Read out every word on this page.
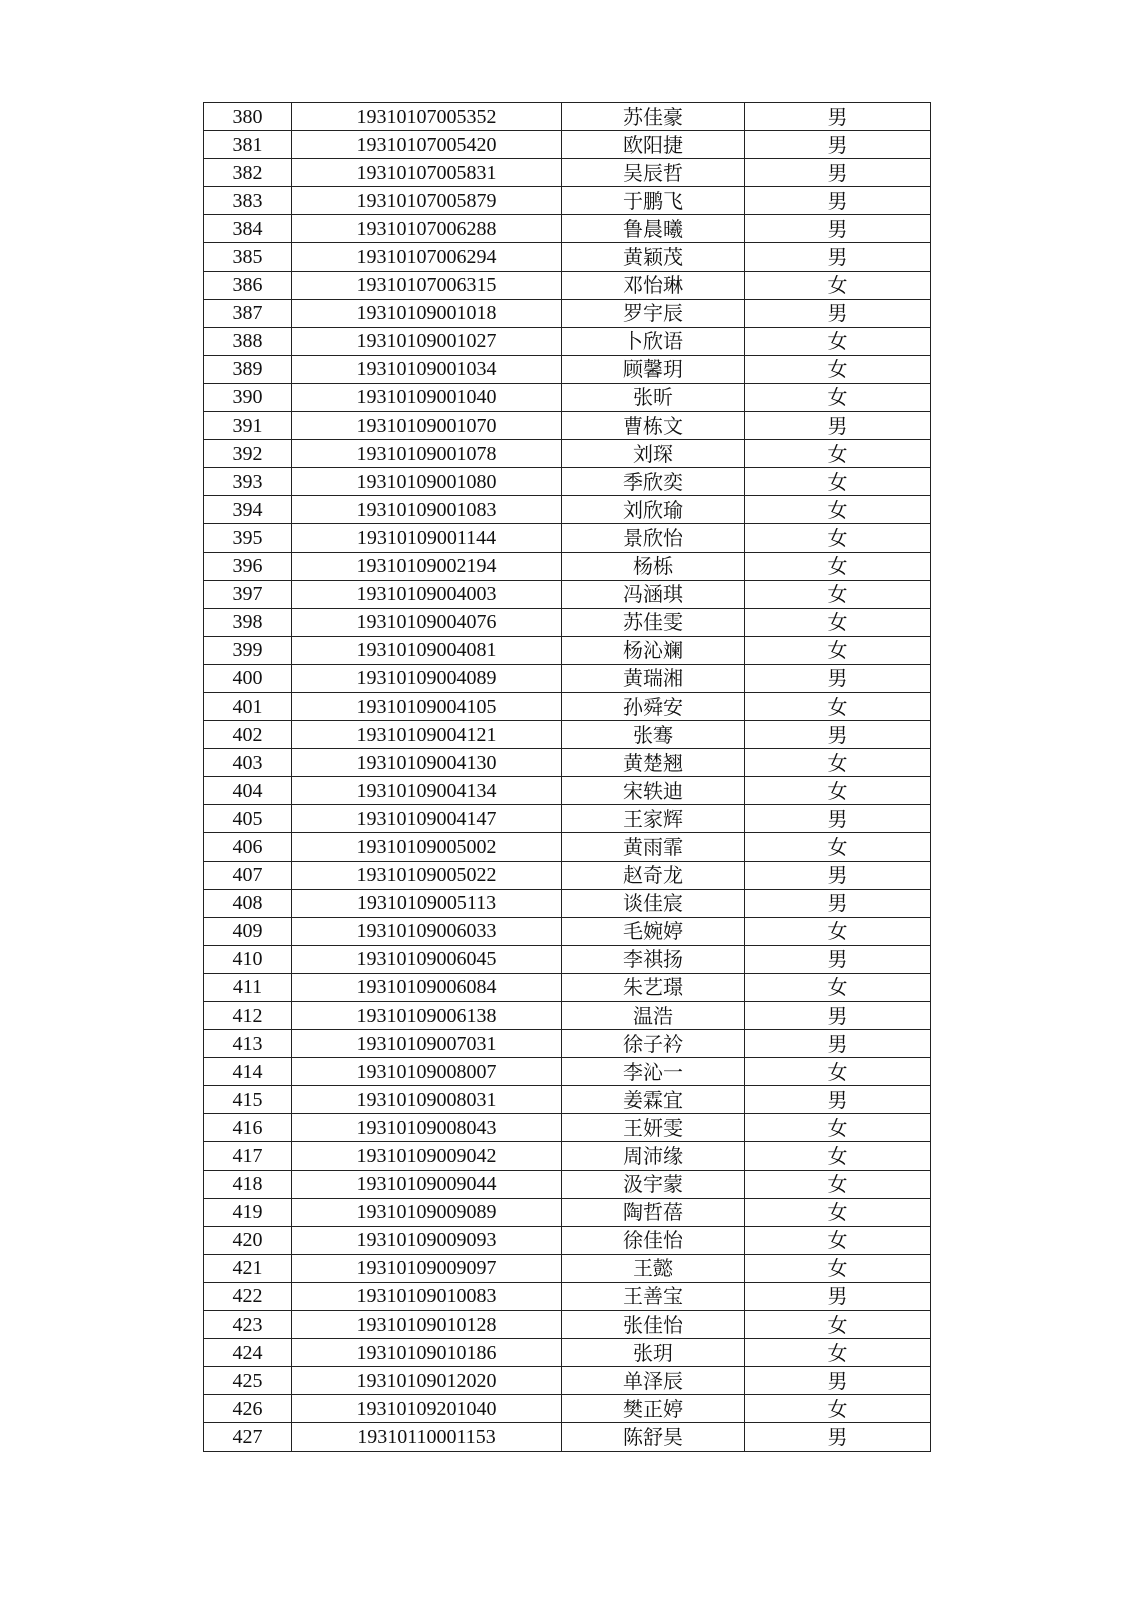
380	19310107005352	苏佳豪	男
381	19310107005420	欧阳捷	男
382	19310107005831	吴辰哲	男
383	19310107005879	于鹏飞	男
384	19310107006288	鲁晨曦	男
385	19310107006294	黄颖茂	男
386	19310107006315	邓怡琳	女
387	19310109001018	罗宇辰	男
388	19310109001027	卜欣语	女
389	19310109001034	顾馨玥	女
390	19310109001040	张昕	女
391	19310109001070	曹栋文	男
392	19310109001078	刘琛	女
393	19310109001080	季欣奕	女
394	19310109001083	刘欣瑜	女
395	19310109001144	景欣怡	女
396	19310109002194	杨栎	女
397	19310109004003	冯涵琪	女
398	19310109004076	苏佳雯	女
399	19310109004081	杨沁斓	女
400	19310109004089	黄瑞湘	男
401	19310109004105	孙舜安	女
402	19310109004121	张骞	男
403	19310109004130	黄楚翘	女
404	19310109004134	宋轶迪	女
405	19310109004147	王家辉	男
406	19310109005002	黄雨霏	女
407	19310109005022	赵奇龙	男
408	19310109005113	谈佳宸	男
409	19310109006033	毛婉婷	女
410	19310109006045	李祺扬	男
411	19310109006084	朱艺璟	女
412	19310109006138	温浩	男
413	19310109007031	徐子衿	男
414	19310109008007	李沁一	女
415	19310109008031	姜霖宜	男
416	19310109008043	王妍雯	女
417	19310109009042	周沛缘	女
418	19310109009044	汲宇蒙	女
419	19310109009089	陶哲蓓	女
420	19310109009093	徐佳怡	女
421	19310109009097	王懿	女
422	19310109010083	王善宝	男
423	19310109010128	张佳怡	女
424	19310109010186	张玥	女
425	19310109012020	单泽辰	男
426	19310109201040	樊正婷	女
427	19310110001153	陈舒昊	男
